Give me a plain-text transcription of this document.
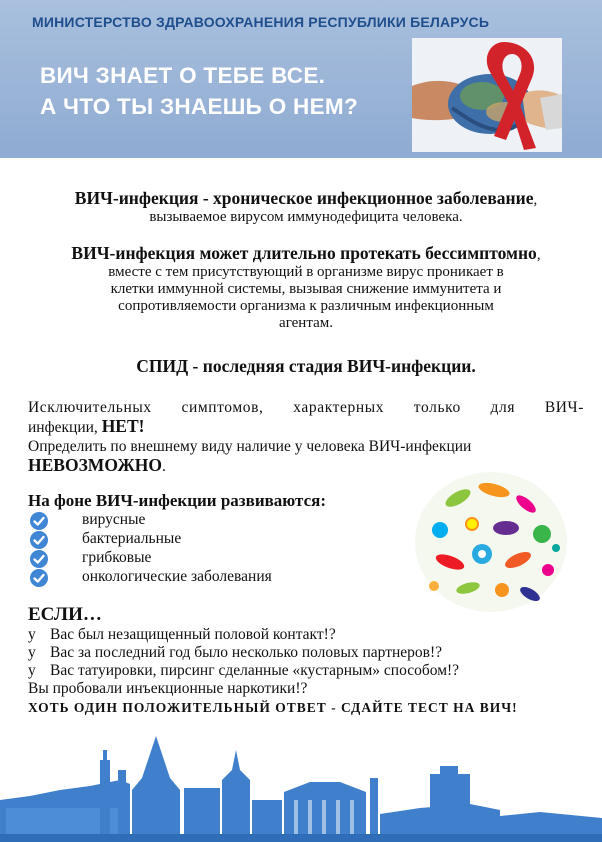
МИНИСТЕРСТВО ЗДРАВООХРАНЕНИЯ РЕСПУБЛИКИ БЕЛАРУСЬ
ВИЧ ЗНАЕТ О ТЕБЕ ВСЕ.
А ЧТО ТЫ ЗНАЕШЬ О НЕМ?
ВИЧ-инфекция - хроническое инфекционное заболевание,
вызываемое вирусом иммунодефицита человека.
ВИЧ-инфекция может длительно протекать бессимптомно,
вместе с тем присутствующий в организме вирус проникает в
клетки иммунной системы, вызывая снижение иммунитета и
сопротивляемости организма к различным инфекционным
агентам.
СПИД - последняя стадия ВИЧ-инфекции.
Исключительных симптомов, характерных только для ВИЧ-
инфекции, НЕТ!
Определить по внешнему виду наличие у человека ВИЧ-инфекции
НЕВОЗМОЖНО.
На фоне ВИЧ-инфекции развиваются:
вирусные
бактериальные
грибковые
онкологические заболевания
ЕСЛИ…
у Вас был незащищенный половой контакт!?
у Вас за последний год было несколько половых партнеров!?
у Вас татуировки, пирсинг сделанные «кустарным» способом!?
Вы пробовали инъекционные наркотики!?
ХОТЬ ОДИН ПОЛОЖИТЕЛЬНЫЙ ОТВЕТ - СДАЙТЕ ТЕСТ НА ВИЧ!
